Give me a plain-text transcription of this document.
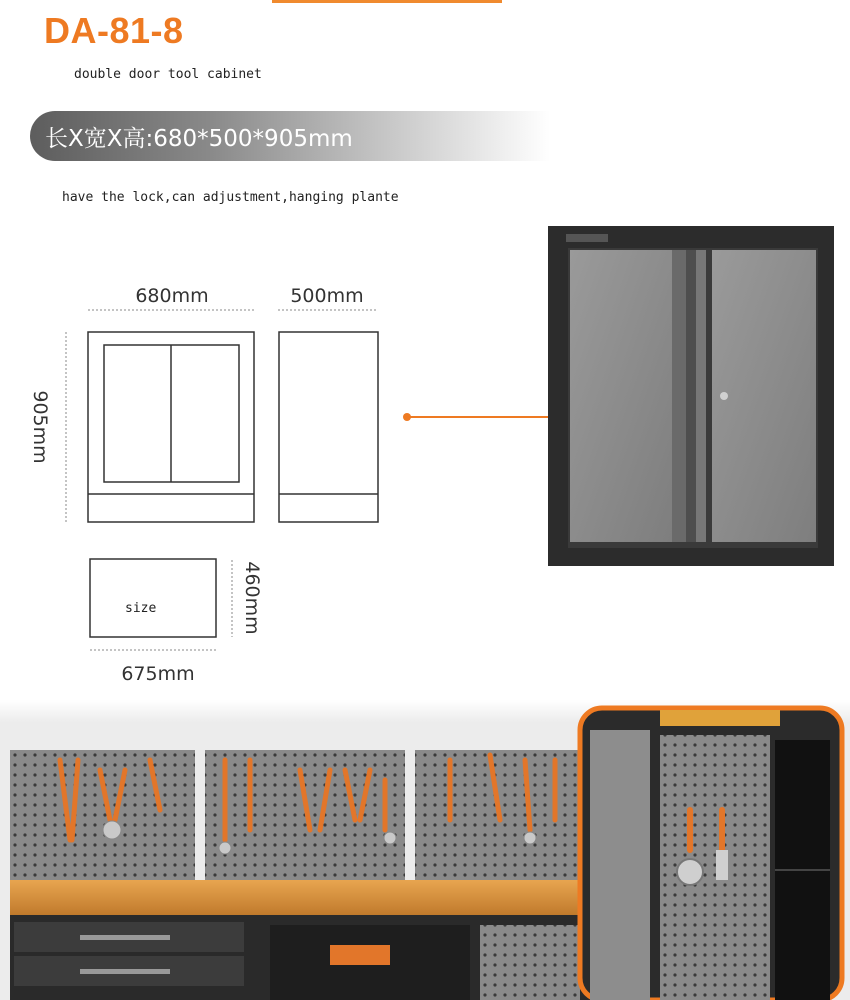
DA-81-8
double door tool cabinet
长X宽X高:680*500*905mm
have the lock,can adjustment,hanging plante
680mm	500mm
905mm
size	460mm
675mm
